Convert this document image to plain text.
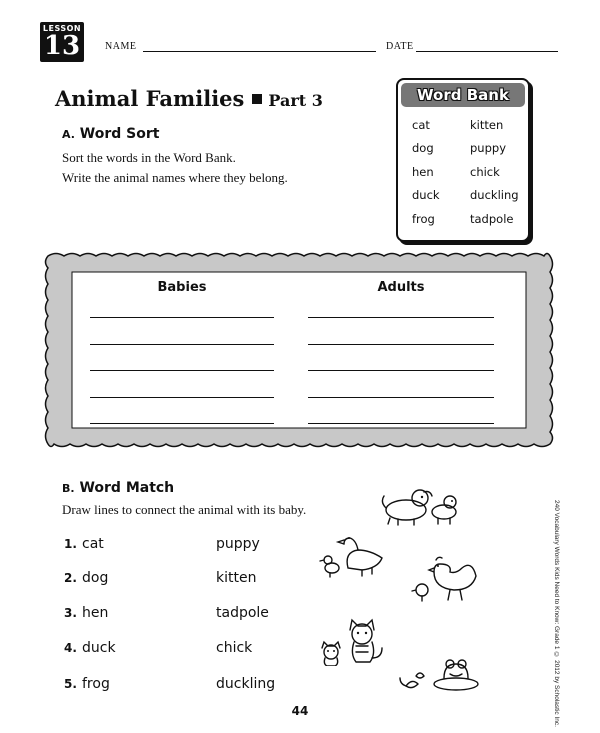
LESSON
13	NAME	DATE
Animal Families Part 3
A. Word Sort
Sort the words in the Word Bank.
Write the animal names where they belong.
Word Bank
cat	kitten
dog	puppy
hen	chick
duck	duckling
frog	tadpole
Babies	Adults
B. Word Match
Draw lines to connect the animal with its baby.
1. cat
2. dog
3. hen
4. duck
5. frog
puppy
kitten
tadpole
chick
duckling	240 Vocabulary Words Kids Need to Know: Grade 1 © 2012 by Scholastic Inc.
44
